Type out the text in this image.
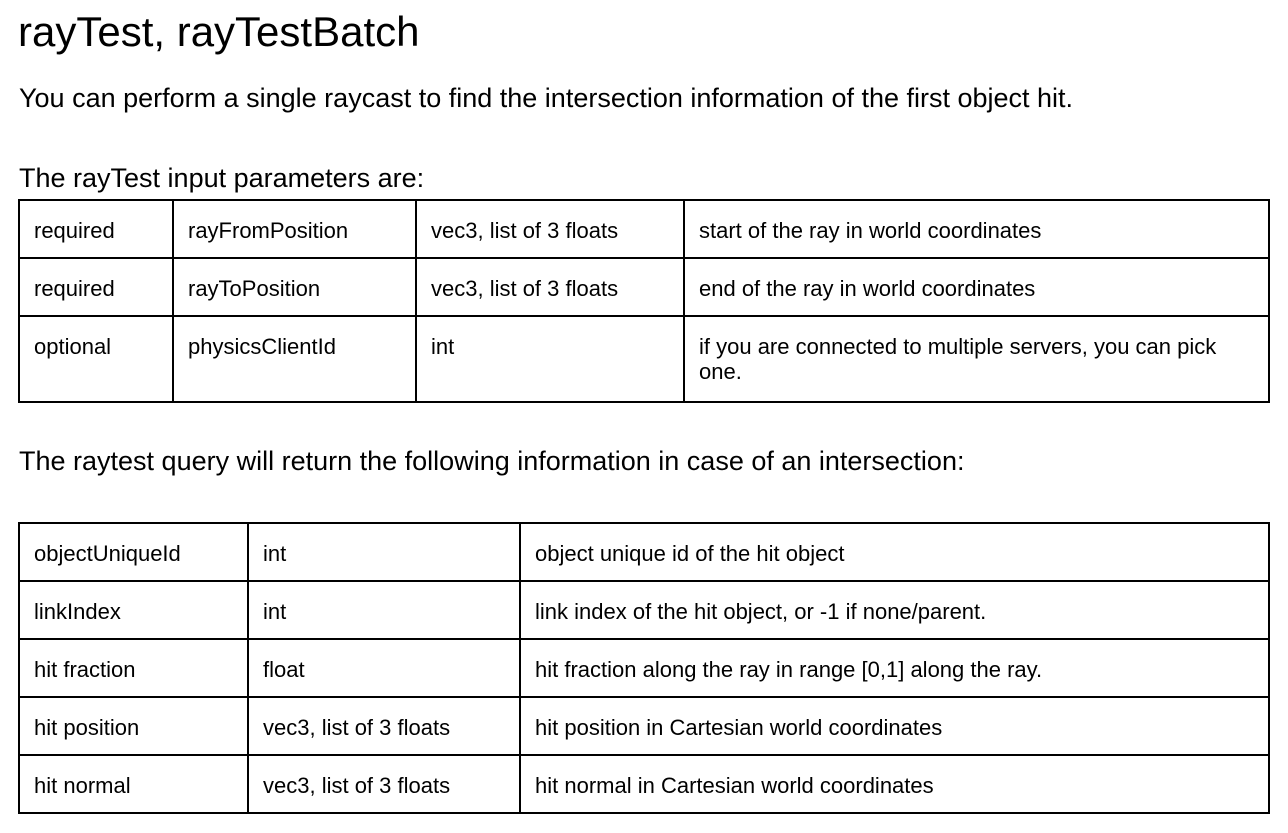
rayTest, rayTestBatch

You can perform a single raycast to find the intersection information of the first object hit.

The rayTest input parameters are:

required	rayFromPosition	vec3, list of 3 floats	start of the ray in world coordinates
required	rayToPosition	vec3, list of 3 floats	end of the ray in world coordinates
optional	physicsClientId	int	if you are connected to multiple servers, you can pick one.

The raytest query will return the following information in case of an intersection:

objectUniqueId	int	object unique id of the hit object
linkIndex	int	link index of the hit object, or -1 if none/parent.
hit fraction	float	hit fraction along the ray in range [0,1] along the ray.
hit position	vec3, list of 3 floats	hit position in Cartesian world coordinates
hit normal	vec3, list of 3 floats	hit normal in Cartesian world coordinates
